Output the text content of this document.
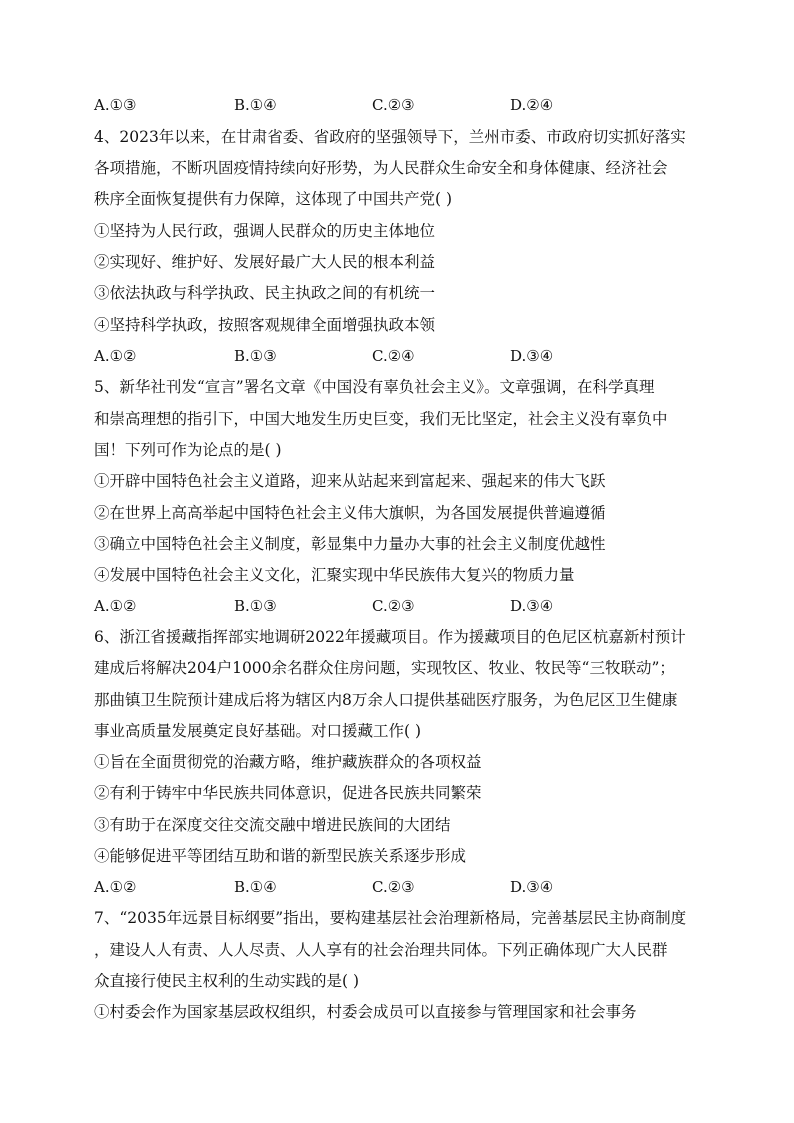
A.①③	B.①④	C.②③	D.②④
4、2023年以来，在甘肃省委、省政府的坚强领导下，兰州市委、市政府切实抓好落实
各项措施，不断巩固疫情持续向好形势，为人民群众生命安全和身体健康、经济社会
秩序全面恢复提供有力保障，这体现了中国共产党( )
①坚持为人民行政，强调人民群众的历史主体地位
②实现好、维护好、发展好最广大人民的根本利益
③依法执政与科学执政、民主执政之间的有机统一
④坚持科学执政，按照客观规律全面增强执政本领
A.①②	B.①③	C.②④	D.③④
5、新华社刊发“宣言”署名文章《中国没有辜负社会主义》。文章强调，在科学真理
和崇高理想的指引下，中国大地发生历史巨变，我们无比坚定，社会主义没有辜负中
国！下列可作为论点的是( )
①开辟中国特色社会主义道路，迎来从站起来到富起来、强起来的伟大飞跃
②在世界上高高举起中国特色社会主义伟大旗帜，为各国发展提供普遍遵循
③确立中国特色社会主义制度，彰显集中力量办大事的社会主义制度优越性
④发展中国特色社会主义文化，汇聚实现中华民族伟大复兴的物质力量
A.①②	B.①③	C.②③	D.③④
6、浙江省援藏指挥部实地调研2022年援藏项目。作为援藏项目的色尼区杭嘉新村预计
建成后将解决204户1000余名群众住房问题，实现牧区、牧业、牧民等“三牧联动”；
那曲镇卫生院预计建成后将为辖区内8万余人口提供基础医疗服务，为色尼区卫生健康
事业高质量发展奠定良好基础。对口援藏工作( )
①旨在全面贯彻党的治藏方略，维护藏族群众的各项权益
②有利于铸牢中华民族共同体意识，促进各民族共同繁荣
③有助于在深度交往交流交融中增进民族间的大团结
④能够促进平等团结互助和谐的新型民族关系逐步形成
A.①②	B.①④	C.②③	D.③④
7、“2035年远景目标纲要”指出，要构建基层社会治理新格局，完善基层民主协商制度
，建设人人有责、人人尽责、人人享有的社会治理共同体。下列正确体现广大人民群
众直接行使民主权利的生动实践的是( )
①村委会作为国家基层政权组织，村委会成员可以直接参与管理国家和社会事务
